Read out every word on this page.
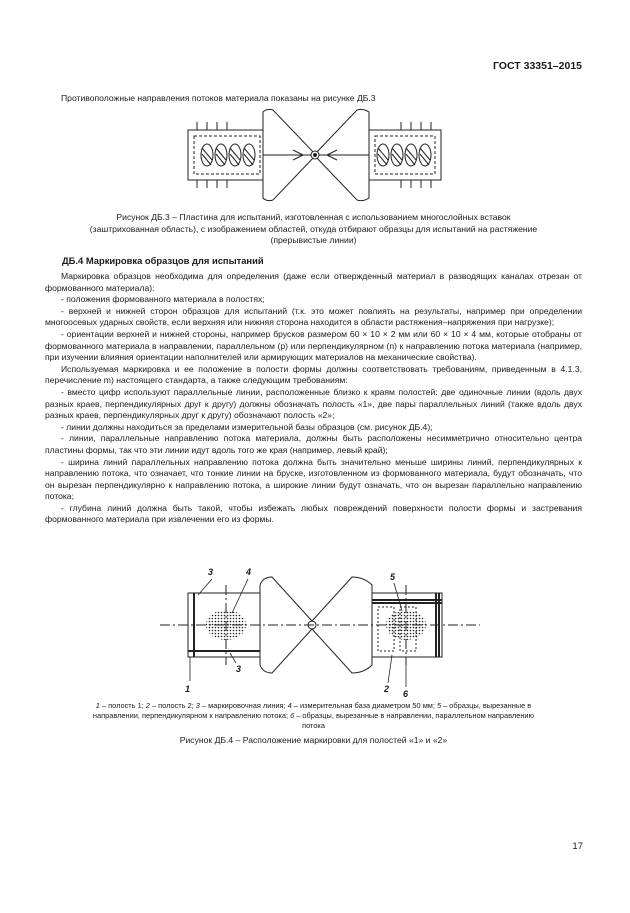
ГОСТ 33351–2015
Противоположные направления потоков материала показаны на рисунке ДБ.3
Рисунок ДБ.3 – Пластина для испытаний, изготовленная с использованием многослойных вставок
(заштрихованная область), с изображением областей, откуда отбирают образцы для испытаний на растяжение
(прерывистые линии)
ДБ.4 Маркировка образцов для испытаний
Маркировка образцов необходима для определения (даже если отвержденный материал в разводящих каналах отрезан от формованного материала):
- положения формованного материала в полостях;
- верхней и нижней сторон образцов для испытаний (т.к. это может повлиять на результаты, например при определении многоосевых ударных свойств, если верхняя или нижняя сторона находится в области растяжения–напряжения при нагрузке);
- ориентации верхней и нижней стороны, например брусков размером 60 × 10 × 2 мм или 60 × 10 × 4 мм, которые отобраны от формованного материала в направлении, параллельном (p) или перпендикулярном (n) к направлению потока материала (например, при изучении влияния ориентации наполнителей или армирующих материалов на механические свойства).
Используемая маркировка и ее положение в полости формы должны соответствовать требованиям, приведенным в 4.1.3, перечисление m) настоящего стандарта, а также следующим требованиям:
- вместо цифр используют параллельные линии, расположенные близко к краям полостей: две одиночные линии (вдоль двух разных краев, перпендикулярных друг к другу) должны обозначать полость «1», две пары параллельных линий (также вдоль двух разных краев, перпендикулярных друг к другу) обозначают полость «2»;
- линии должны находиться за пределами измерительной базы образцов (см. рисунок ДБ.4);
- линии, параллельные направлению потока материала, должны быть расположены несимметрично относительно центра пластины формы, так что эти линии идут вдоль того же края (например, левый край);
- ширина линий параллельных направлению потока должна быть значительно меньше ширины линий, перпендикулярных к направлению потока, что означает, что тонкие линии на бруске, изготовленном из формованного материала, будут обозначать, что он вырезан перпендикулярно к направлению потока, а широкие линии будут означать, что он вырезан параллельно направлению потока;
- глубина линий должна быть такой, чтобы избежать любых повреждений поверхности полости формы и застревания формованного материала при извлечении его из формы.
3	4
1
3
5
2 6
1 – полость 1; 2 – полость 2; 3 – маркировочная линия; 4 – измерительная база диаметром 50 мм; 5 – образцы, вырезанные в
направлении, перпендикулярном к направлению потока; 6 – образцы, вырезанные в направлении, параллельном направлению
потока
Рисунок ДБ.4 – Расположение маркировки для полостей «1» и «2»
17
